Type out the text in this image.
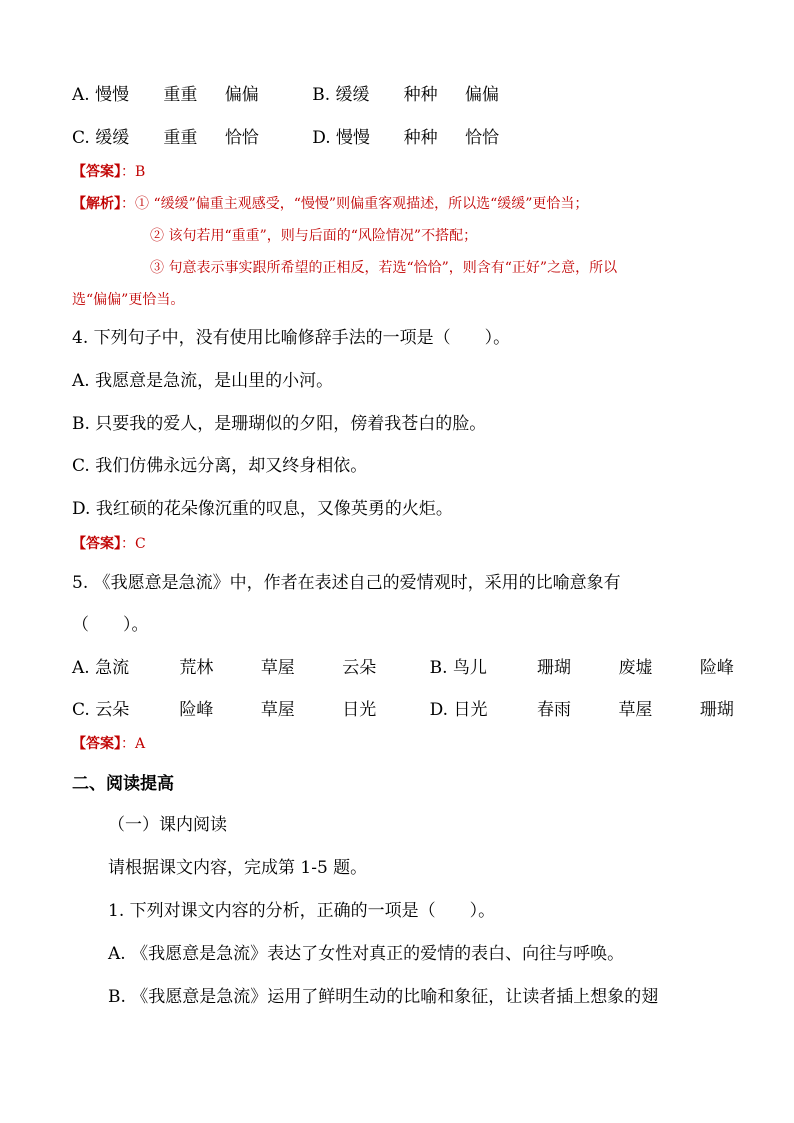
A. 慢慢 重重 偏偏	B. 缓缓 种种 偏偏
C. 缓缓 重重 恰恰	D. 慢慢 种种 恰恰
【答案】：B
【解析】：① “缓缓”偏重主观感受，“慢慢”则偏重客观描述，所以选“缓缓”更恰当；
② 该句若用“重重”，则与后面的“风险情况”不搭配；
③ 句意表示事实跟所希望的正相反，若选“恰恰”，则含有“正好”之意，所以
选“偏偏”更恰当。
4. 下列句子中，没有使用比喻修辞手法的一项是（　　）。
A. 我愿意是急流，是山里的小河。
B. 只要我的爱人，是珊瑚似的夕阳，傍着我苍白的脸。
C. 我们仿佛永远分离，却又终身相依。
D. 我红硕的花朵像沉重的叹息，又像英勇的火炬。
【答案】：C
5. 《我愿意是急流》中，作者在表述自己的爱情观时，采用的比喻意象有
（　　）。
A. 急流	荒林	草屋	云朵	B. 鸟儿	珊瑚	废墟	险峰
C. 云朵	险峰	草屋	日光	D. 日光	春雨	草屋	珊瑚
【答案】：A
二、阅读提高
（一）课内阅读
请根据课文内容，完成第 1-5 题。
1. 下列对课文内容的分析，正确的一项是（　　）。
A. 《我愿意是急流》表达了女性对真正的爱情的表白、向往与呼唤。
B. 《我愿意是急流》运用了鲜明生动的比喻和象征，让读者插上想象的翅
